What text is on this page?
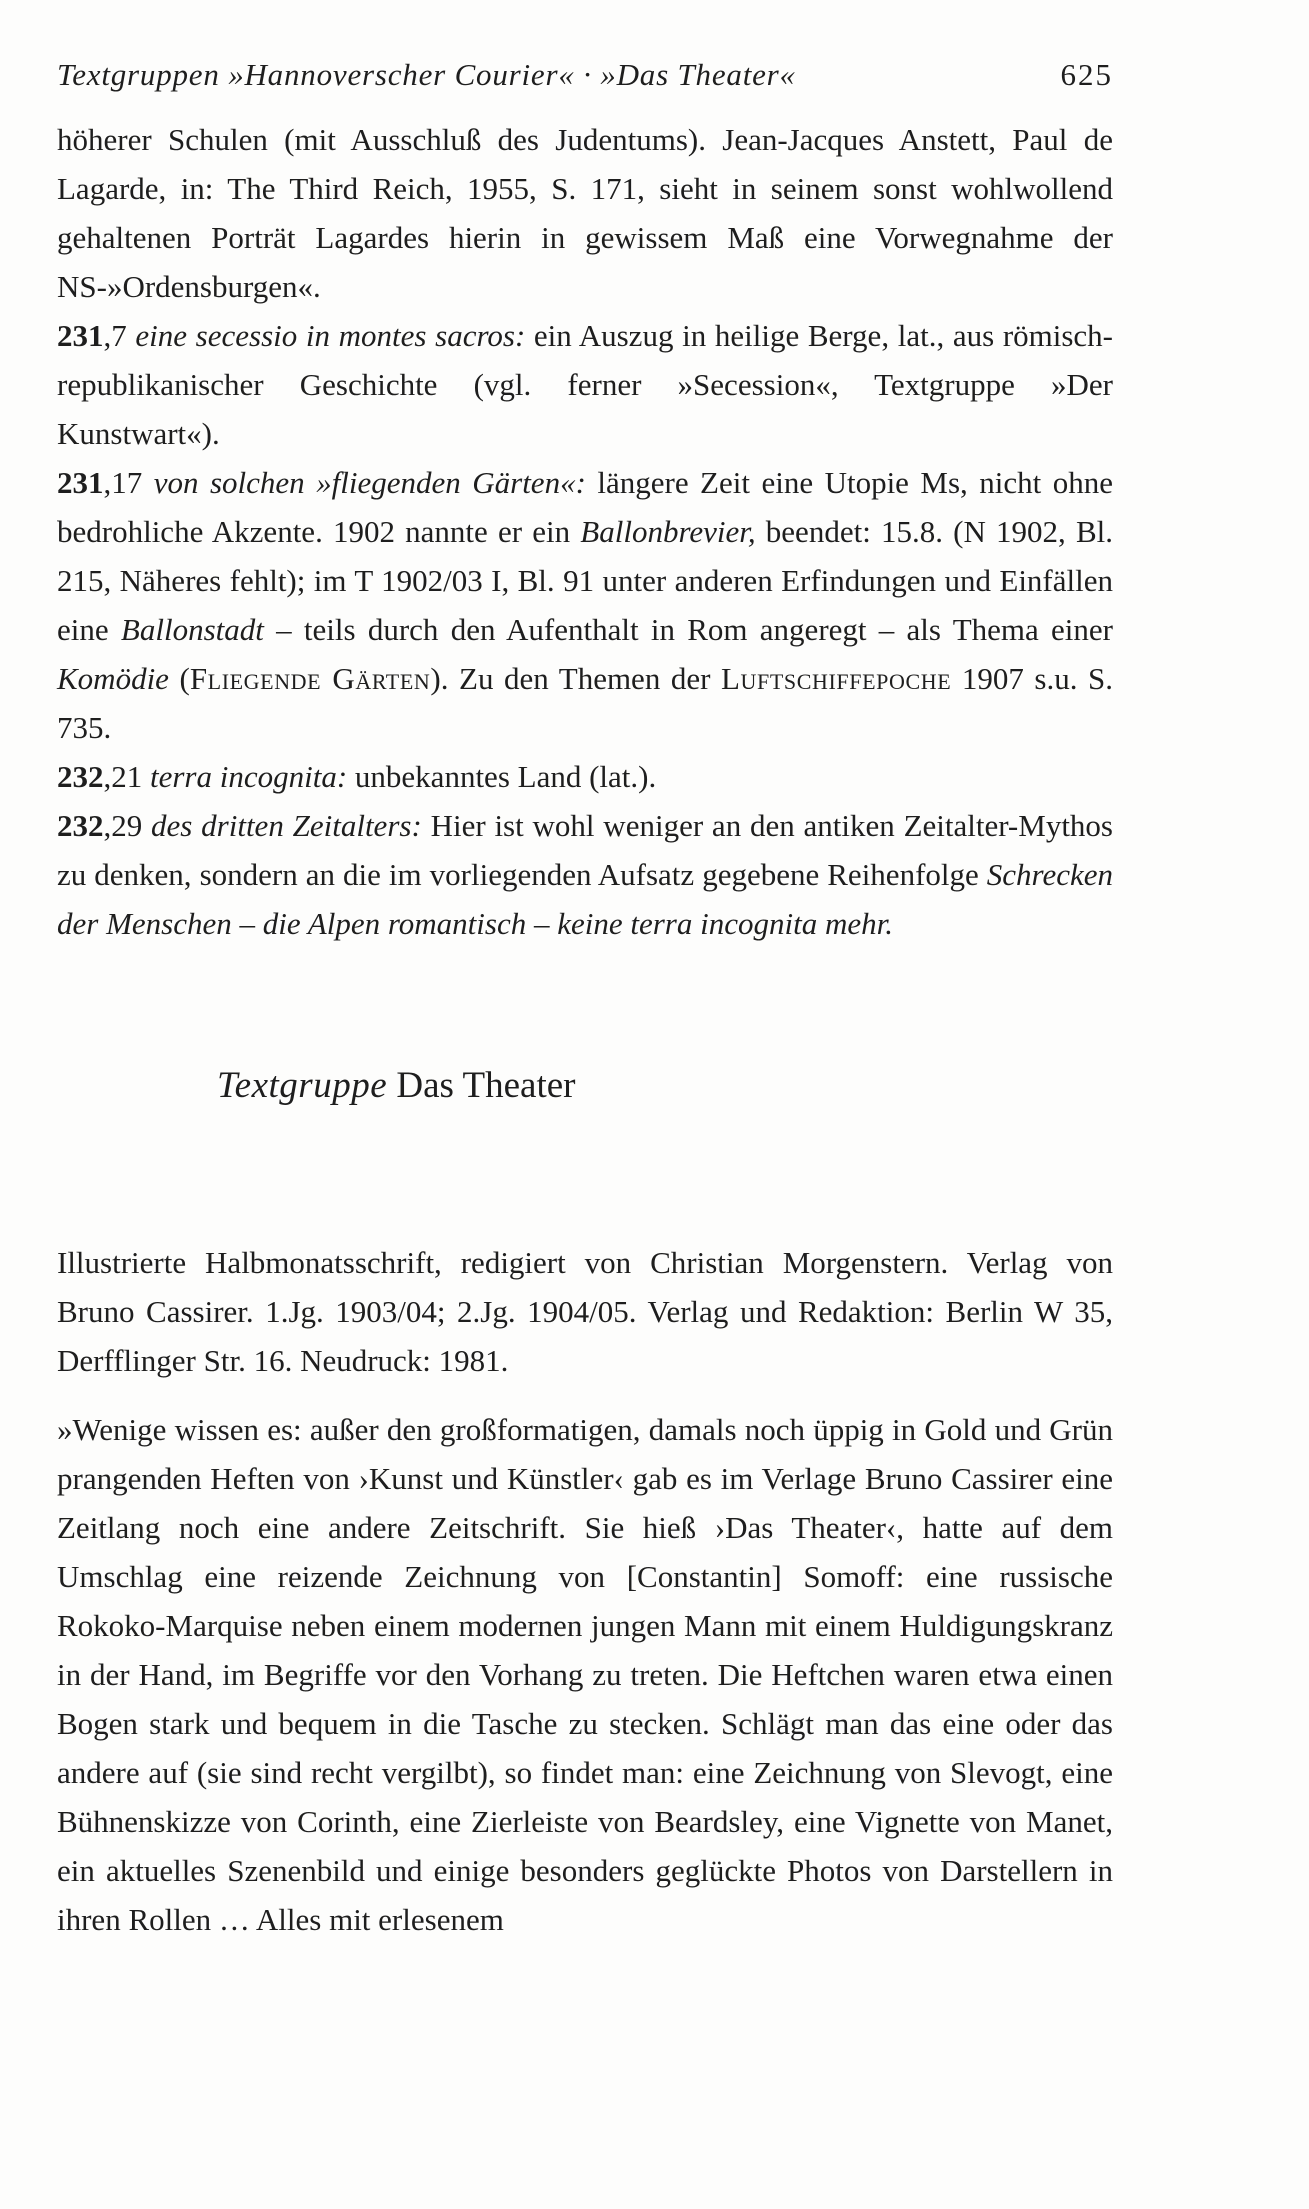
Textgruppen »Hannoverscher Courier« · »Das Theater«	625

höherer Schulen (mit Ausschluß des Judentums). Jean-Jacques Anstett, Paul de Lagarde, in: The Third Reich, 1955, S. 171, sieht in seinem sonst wohlwollend gehaltenen Porträt Lagardes hierin in gewissem Maß eine Vorwegnahme der NS-»Ordensburgen«.

231,7 eine secessio in montes sacros: ein Auszug in heilige Berge, lat., aus römisch-republikanischer Geschichte (vgl. ferner »Secession«, Textgruppe »Der Kunstwart«).

231,17 von solchen »fliegenden Gärten«: längere Zeit eine Utopie Ms, nicht ohne bedrohliche Akzente. 1902 nannte er ein Ballonbrevier, beendet: 15.8. (N 1902, Bl. 215, Näheres fehlt); im T 1902/03 I, Bl. 91 unter anderen Erfindungen und Einfällen eine Ballonstadt – teils durch den Aufenthalt in Rom angeregt – als Thema einer Komödie (Fliegende Gärten). Zu den Themen der Luftschiffepoche 1907 s.u. S. 735.

232,21 terra incognita: unbekanntes Land (lat.).

232,29 des dritten Zeitalters: Hier ist wohl weniger an den antiken Zeitalter-Mythos zu denken, sondern an die im vorliegenden Aufsatz gegebene Reihenfolge Schrecken der Menschen – die Alpen romantisch – keine terra incognita mehr.

Textgruppe Das Theater

Illustrierte Halbmonatsschrift, redigiert von Christian Morgenstern. Verlag von Bruno Cassirer. 1.Jg. 1903/04; 2.Jg. 1904/05. Verlag und Redaktion: Berlin W 35, Derfflinger Str. 16. Neudruck: 1981.

»Wenige wissen es: außer den großformatigen, damals noch üppig in Gold und Grün prangenden Heften von ›Kunst und Künstler‹ gab es im Verlage Bruno Cassirer eine Zeitlang noch eine andere Zeitschrift. Sie hieß ›Das Theater‹, hatte auf dem Umschlag eine reizende Zeichnung von [Constantin] Somoff: eine russische Rokoko-Marquise neben einem modernen jungen Mann mit einem Huldigungskranz in der Hand, im Begriffe vor den Vorhang zu treten. Die Heftchen waren etwa einen Bogen stark und bequem in die Tasche zu stecken. Schlägt man das eine oder das andere auf (sie sind recht vergilbt), so findet man: eine Zeichnung von Slevogt, eine Bühnenskizze von Corinth, eine Zierleiste von Beardsley, eine Vignette von Manet, ein aktuelles Szenenbild und einige besonders geglückte Photos von Darstellern in ihren Rollen … Alles mit erlesenem
